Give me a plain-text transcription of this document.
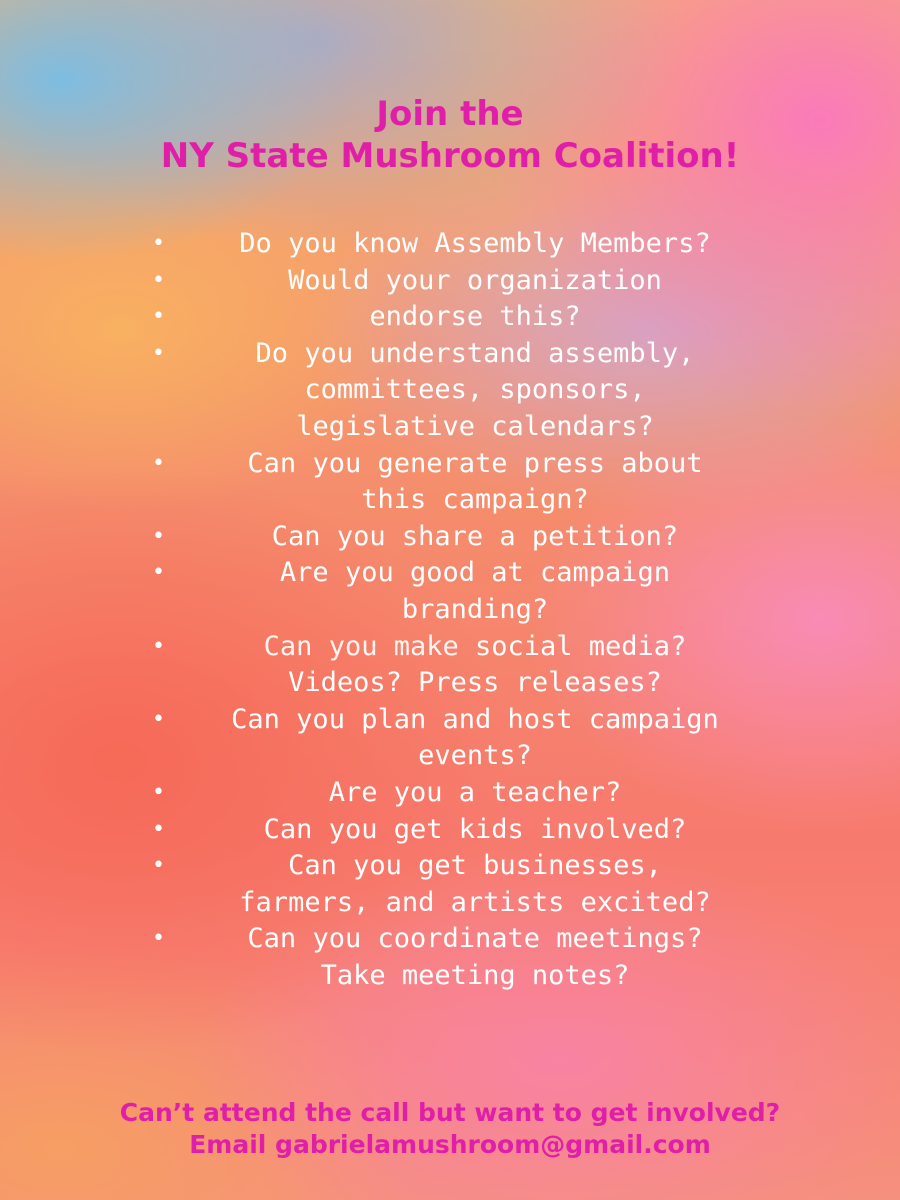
Join the
NY State Mushroom Coalition!
•	Do you know Assembly Members?
•	Would your organization
•	endorse this?
•	Do you understand assembly,
committees, sponsors,
legislative calendars?
•	Can you generate press about
this campaign?
•	Can you share a petition?
•	Are you good at campaign
branding?
•	Can you make social media?
Videos? Press releases?
• Can you plan and host campaign
events?
•	Are you a teacher?
•	Can you get kids involved?
•	Can you get businesses,
farmers, and artists excited?
•	Can you coordinate meetings?
Take meeting notes?

Can’t attend the call but want to get involved?
Email gabrielamushroom@gmail.com
